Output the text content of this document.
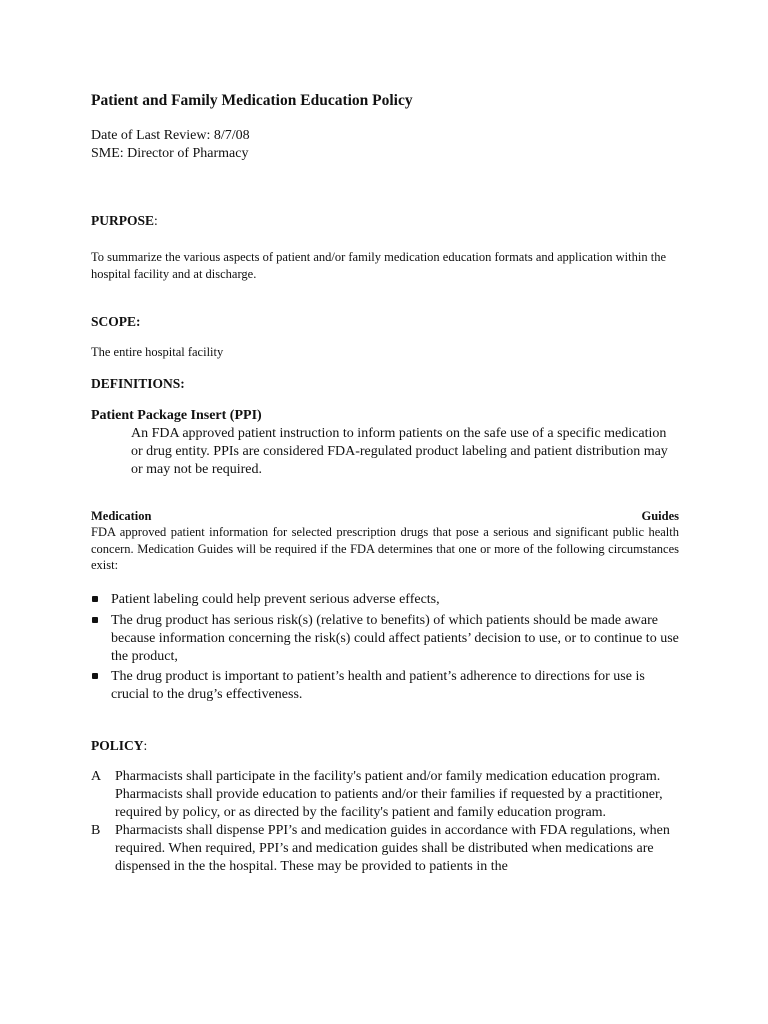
Patient and Family Medication Education Policy
Date of Last Review: 8/7/08
SME: Director of Pharmacy
PURPOSE:

To summarize the various aspects of patient and/or family medication education formats and application within the hospital facility and at discharge.

SCOPE:

The entire hospital facility

DEFINITIONS:
Patient Package Insert (PPI)

An FDA approved patient instruction to inform patients on the safe use of a specific medication or drug entity. PPIs are considered FDA-regulated product labeling and patient distribution may or may not be required.

Medication	Guides

FDA approved patient information for selected prescription drugs that pose a serious and significant public health concern. Medication Guides will be required if the FDA determines that one or more of the following circumstances exist:

Patient labeling could help prevent serious adverse effects,
The drug product has serious risk(s) (relative to benefits) of which patients should be made aware because information concerning the risk(s) could affect patients’ decision to use, or to continue to use the product,
The drug product is important to patient’s health and patient’s adherence to directions for use is crucial to the drug’s effectiveness.
POLICY:
A Pharmacists shall participate in the facility's patient and/or family medication education program. Pharmacists shall provide education to patients and/or their families if requested by a practitioner, required by policy, or as directed by the facility's patient and family education program.
B Pharmacists shall dispense PPI’s and medication guides in accordance with FDA regulations, when required. When required, PPI’s and medication guides shall be distributed when medications are dispensed in the the hospital. These may be provided to patients in the
